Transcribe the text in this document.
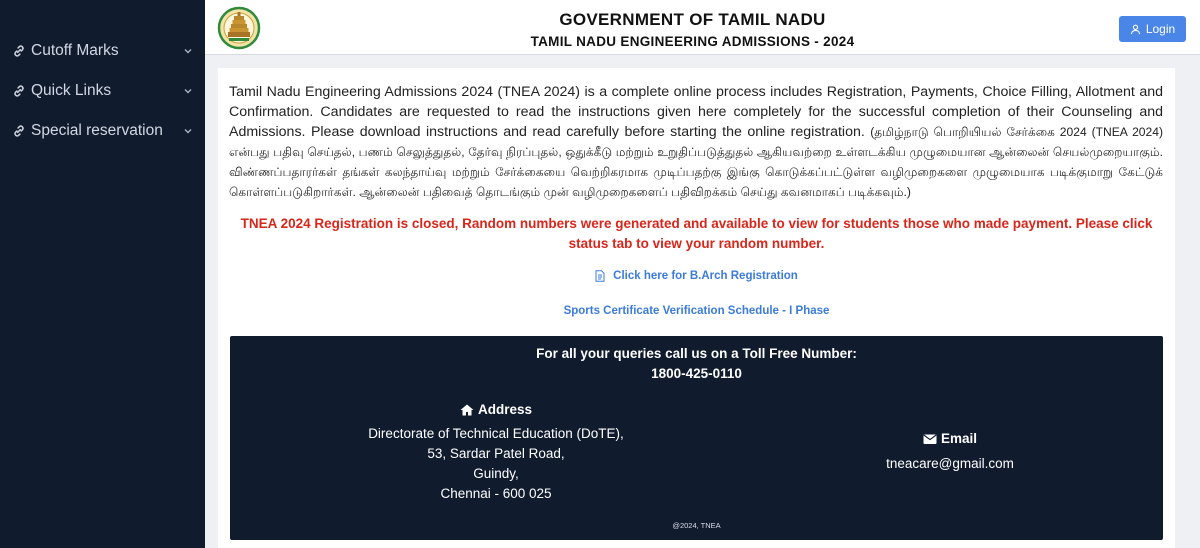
Cutoff Marks
Quick Links
Special reservation
GOVERNMENT OF TAMIL NADU
TAMIL NADU ENGINEERING ADMISSIONS - 2024
Login
Tamil Nadu Engineering Admissions 2024 (TNEA 2024) is a complete online process includes Registration, Payments, Choice Filling, Allotment and Confirmation. Candidates are requested to read the instructions given here completely for the successful completion of their Counseling and Admissions. Please download instructions and read carefully before starting the online registration. (தமிழ்நாடு பொறியியல் சேர்க்கை 2024 (TNEA 2024) என்பது பதிவு செய்தல், பணம் செலுத்துதல், தேர்வு நிரப்புதல், ஒதுக்கீடு மற்றும் உறுதிப்படுத்துதல் ஆகியவற்றை உள்ளடக்கிய முழுமையான ஆன்லைன் செயல்முறையாகும். விண்ணப்பதாரர்கள் தங்கள் கலந்தாய்வு மற்றும் சேர்க்கையை வெற்றிகரமாக முடிப்பதற்கு இங்கு கொடுக்கப்பட்டுள்ள வழிமுறைகளை முழுமையாக படிக்குமாறு கேட்டுக் கொள்ளப்படுகிறார்கள். ஆன்லைன் பதிவைத் தொடங்கும் முன் வழிமுறைகளைப் பதிவிறக்கம் செய்து கவனமாகப் படிக்கவும்.)
TNEA 2024 Registration is closed, Random numbers were generated and available to view for students those who made payment. Please click status tab to view your random number.
Click here for B.Arch Registration
Sports Certificate Verification Schedule - I Phase
For all your queries call us on a Toll Free Number:
1800-425-0110
Address
Directorate of Technical Education (DoTE),
53, Sardar Patel Road,
Guindy,
Chennai - 600 025
Email
tneacare@gmail.com
@2024, TNEA
